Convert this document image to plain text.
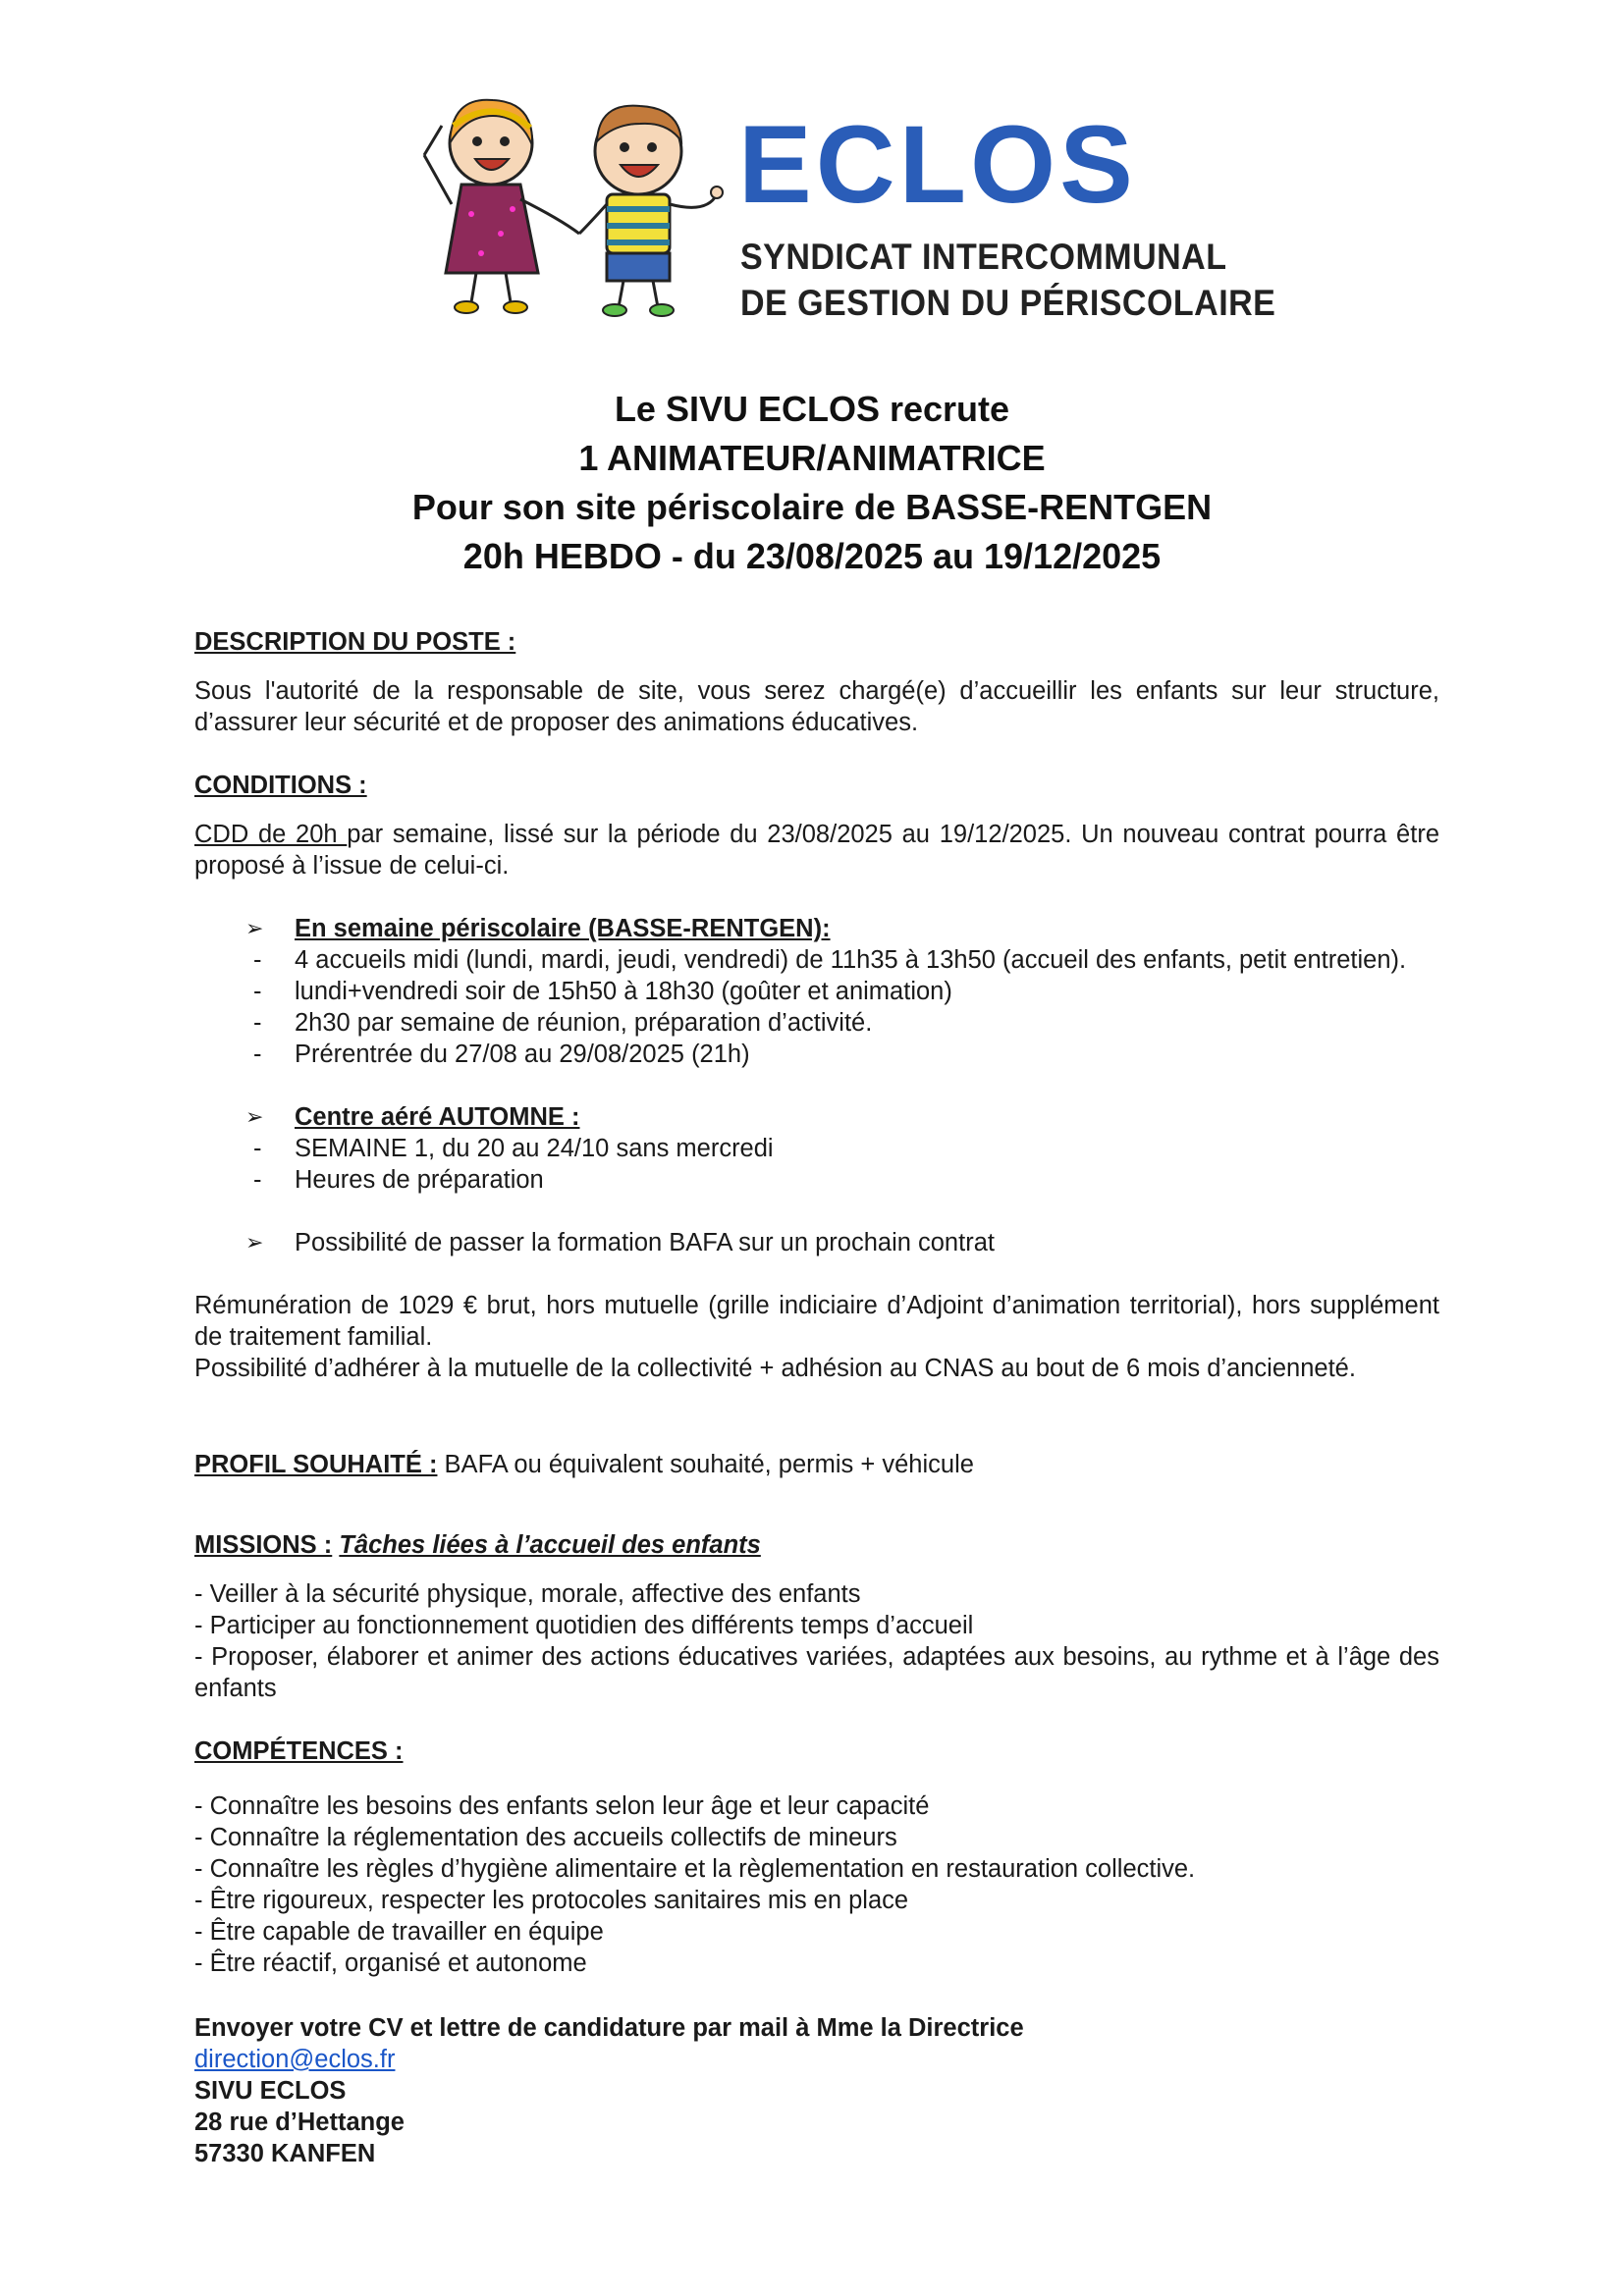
ECLOS
SYNDICAT INTERCOMMUNAL
DE GESTION DU PÉRISCOLAIRE
Le SIVU ECLOS recrute
1 ANIMATEUR/ANIMATRICE
Pour son site périscolaire de BASSE-RENTGEN
20h HEBDO - du 23/08/2025 au 19/12/2025
DESCRIPTION DU POSTE :
Sous l'autorité de la responsable de site, vous serez chargé(e) d’accueillir les enfants sur leur structure, d’assurer leur sécurité et de proposer des animations éducatives.
CONDITIONS :
CDD de 20h par semaine, lissé sur la période du 23/08/2025 au 19/12/2025. Un nouveau contrat pourra être proposé à l’issue de celui-ci.
➢ En semaine périscolaire (BASSE-RENTGEN):
- 4 accueils midi (lundi, mardi, jeudi, vendredi) de 11h35 à 13h50 (accueil des enfants, petit entretien).
- lundi+vendredi soir de 15h50 à 18h30 (goûter et animation)
- 2h30 par semaine de réunion, préparation d’activité.
- Prérentrée du 27/08 au 29/08/2025 (21h)
➢ Centre aéré AUTOMNE :
- SEMAINE 1, du 20 au 24/10 sans mercredi
- Heures de préparation
➢ Possibilité de passer la formation BAFA sur un prochain contrat
Rémunération de 1029 € brut, hors mutuelle (grille indiciaire d’Adjoint d’animation territorial), hors supplément de traitement familial.
Possibilité d’adhérer à la mutuelle de la collectivité + adhésion au CNAS au bout de 6 mois d’ancienneté.
PROFIL SOUHAITÉ : BAFA ou équivalent souhaité, permis + véhicule
MISSIONS : Tâches liées à l’accueil des enfants
- Veiller à la sécurité physique, morale, affective des enfants
- Participer au fonctionnement quotidien des différents temps d’accueil
- Proposer, élaborer et animer des actions éducatives variées, adaptées aux besoins, au rythme et à l’âge des enfants
COMPÉTENCES :
- Connaître les besoins des enfants selon leur âge et leur capacité
- Connaître la réglementation des accueils collectifs de mineurs
- Connaître les règles d’hygiène alimentaire et la règlementation en restauration collective.
- Être rigoureux, respecter les protocoles sanitaires mis en place
- Être capable de travailler en équipe
- Être réactif, organisé et autonome
Envoyer votre CV et lettre de candidature par mail à Mme la Directrice
direction@eclos.fr
SIVU ECLOS
28 rue d’Hettange
57330 KANFEN
